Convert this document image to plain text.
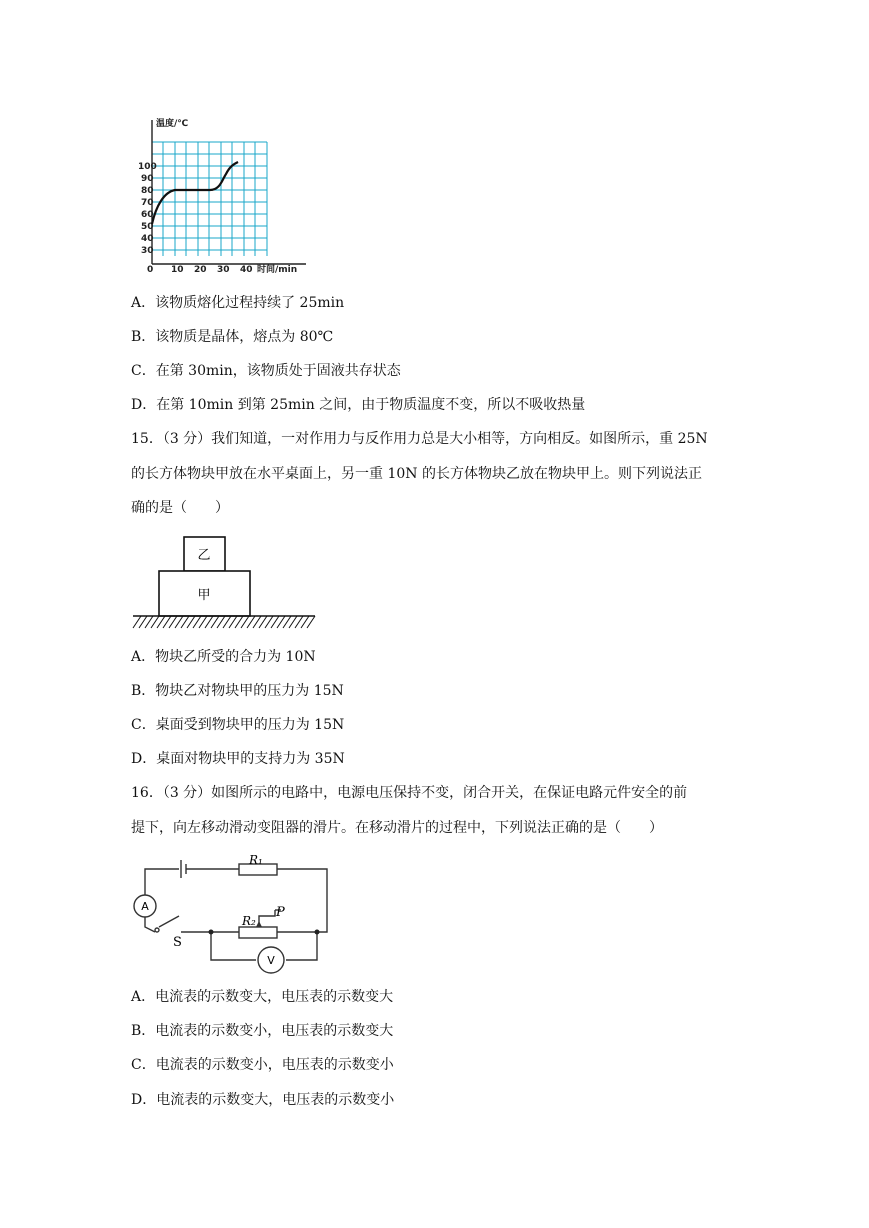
温度/℃
100
90
80
70
60
50
40
30
0 10 20 30 40 时间/min
A．该物质熔化过程持续了 25min
B．该物质是晶体，熔点为 80℃
C．在第 30min，该物质处于固液共存状态
D．在第 10min 到第 25min 之间，由于物质温度不变，所以不吸收热量
15．（3 分）我们知道，一对作用力与反作用力总是大小相等，方向相反。如图所示，重 25N
的长方体物块甲放在水平桌面上，另一重 10N 的长方体物块乙放在物块甲上。则下列说法正
确的是（　　）
乙
甲
A．物块乙所受的合力为 10N
B．物块乙对物块甲的压力为 15N
C．桌面受到物块甲的压力为 15N
D．桌面对物块甲的支持力为 35N
16．（3 分）如图所示的电路中，电源电压保持不变，闭合开关，在保证电路元件安全的前
提下，向左移动滑动变阻器的滑片。在移动滑片的过程中，下列说法正确的是（　　）
A
V
S
R₁
R₂
P
A．电流表的示数变大，电压表的示数变大
B．电流表的示数变小，电压表的示数变大
C．电流表的示数变小，电压表的示数变小
D．电流表的示数变大，电压表的示数变小
